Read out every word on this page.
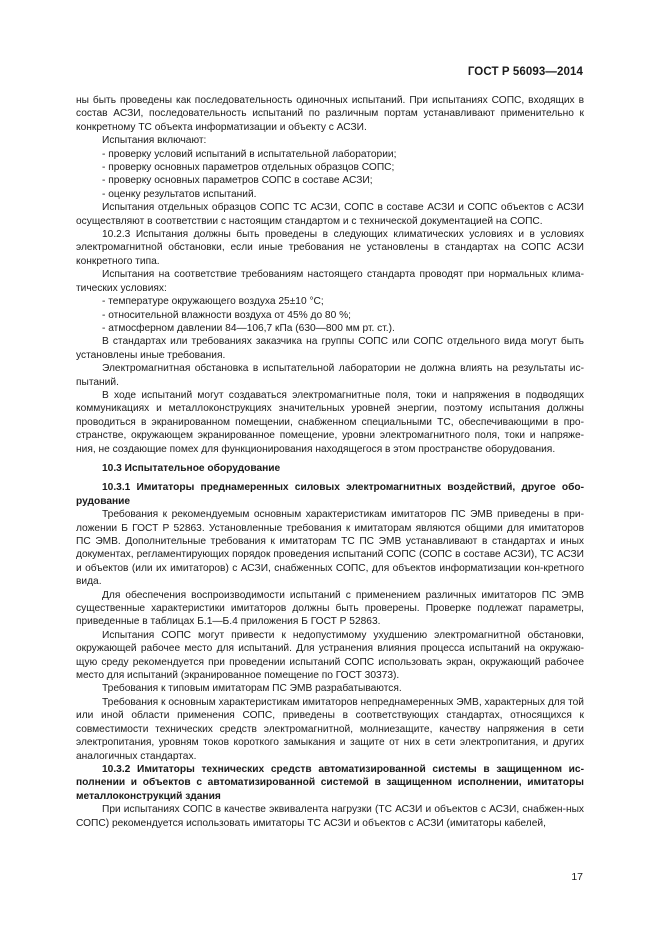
ГОСТ Р 56093—2014

ны быть проведены как последовательность одиночных испытаний. При испытаниях СОПС, входящих в состав АСЗИ, последовательность испытаний по различным портам устанавливают применительно к конкретному ТС объекта информатизации и объекту с АСЗИ.

Испытания включают:

- проверку условий испытаний в испытательной лаборатории;

- проверку основных параметров отдельных образцов СОПС;

- проверку основных параметров СОПС в составе АСЗИ;

- оценку результатов испытаний.

Испытания отдельных образцов СОПС ТС АСЗИ, СОПС в составе АСЗИ и СОПС объектов с АСЗИ осуществляют в соответствии с настоящим стандартом и с технической документацией на СОПС.

10.2.3 Испытания должны быть проведены в следующих климатических условиях и в условиях электромагнитной обстановки, если иные требования не установлены в стандартах на СОПС АСЗИ конкретного типа.

Испытания на соответствие требованиям настоящего стандарта проводят при нормальных клима-тических условиях:

- температуре окружающего воздуха 25±10 °С;

- относительной влажности воздуха от 45% до 80 %;

- атмосферном давлении 84—106,7 кПа (630—800 мм рт. ст.).

В стандартах или требованиях заказчика на группы СОПС или СОПС отдельного вида могут быть установлены иные требования.

Электромагнитная обстановка в испытательной лаборатории не должна влиять на результаты ис-пытаний.

В ходе испытаний могут создаваться электромагнитные поля, токи и напряжения в подводящих коммуникациях и металлоконструкциях значительных уровней энергии, поэтому испытания должны проводиться в экранированном помещении, снабженном специальными ТС, обеспечивающими в про-странстве, окружающем экранированное помещение, уровни электромагнитного поля, токи и напряже-ния, не создающие помех для функционирования находящегося в этом пространстве оборудования.

10.3 Испытательное оборудование

10.3.1 Имитаторы преднамеренных силовых электромагнитных воздействий, другое обо-рудование

Требования к рекомендуемым основным характеристикам имитаторов ПС ЭМВ приведены в при-ложении Б ГОСТ Р 52863. Установленные требования к имитаторам являются общими для имитаторов ПС ЭМВ. Дополнительные требования к имитаторам ТС ПС ЭМВ устанавливают в стандартах и иных документах, регламентирующих порядок проведения испытаний СОПС (СОПС в составе АСЗИ), ТС АСЗИ и объектов (или их имитаторов) с АСЗИ, снабженных СОПС, для объектов информатизации кон-кретного вида.

Для обеспечения воспроизводимости испытаний с применением различных имитаторов ПС ЭМВ существенные характеристики имитаторов должны быть проверены. Проверке подлежат параметры, приведенные в таблицах Б.1—Б.4 приложения Б ГОСТ Р 52863.

Испытания СОПС могут привести к недопустимому ухудшению электромагнитной обстановки, окружающей рабочее место для испытаний. Для устранения влияния процесса испытаний на окружаю-щую среду рекомендуется при проведении испытаний СОПС использовать экран, окружающий рабочее место для испытаний (экранированное помещение по ГОСТ 30373).

Требования к типовым имитаторам ПС ЭМВ разрабатываются.

Требования к основным характеристикам имитаторов непреднамеренных ЭМВ, характерных для той или иной области применения СОПС, приведены в соответствующих стандартах, относящихся к совместимости технических средств электромагнитной, молниезащите, качеству напряжения в сети электропитания, уровням токов короткого замыкания и защите от них в сети электропитания, и других аналогичных стандартах.

10.3.2 Имитаторы технических средств автоматизированной системы в защищенном ис-полнении и объектов с автоматизированной системой в защищенном исполнении, имитаторы металлоконструкций здания

При испытаниях СОПС в качестве эквивалента нагрузки (ТС АСЗИ и объектов с АСЗИ, снабжен-ных СОПС) рекомендуется использовать имитаторы ТС АСЗИ и объектов с АСЗИ (имитаторы кабелей,

17
